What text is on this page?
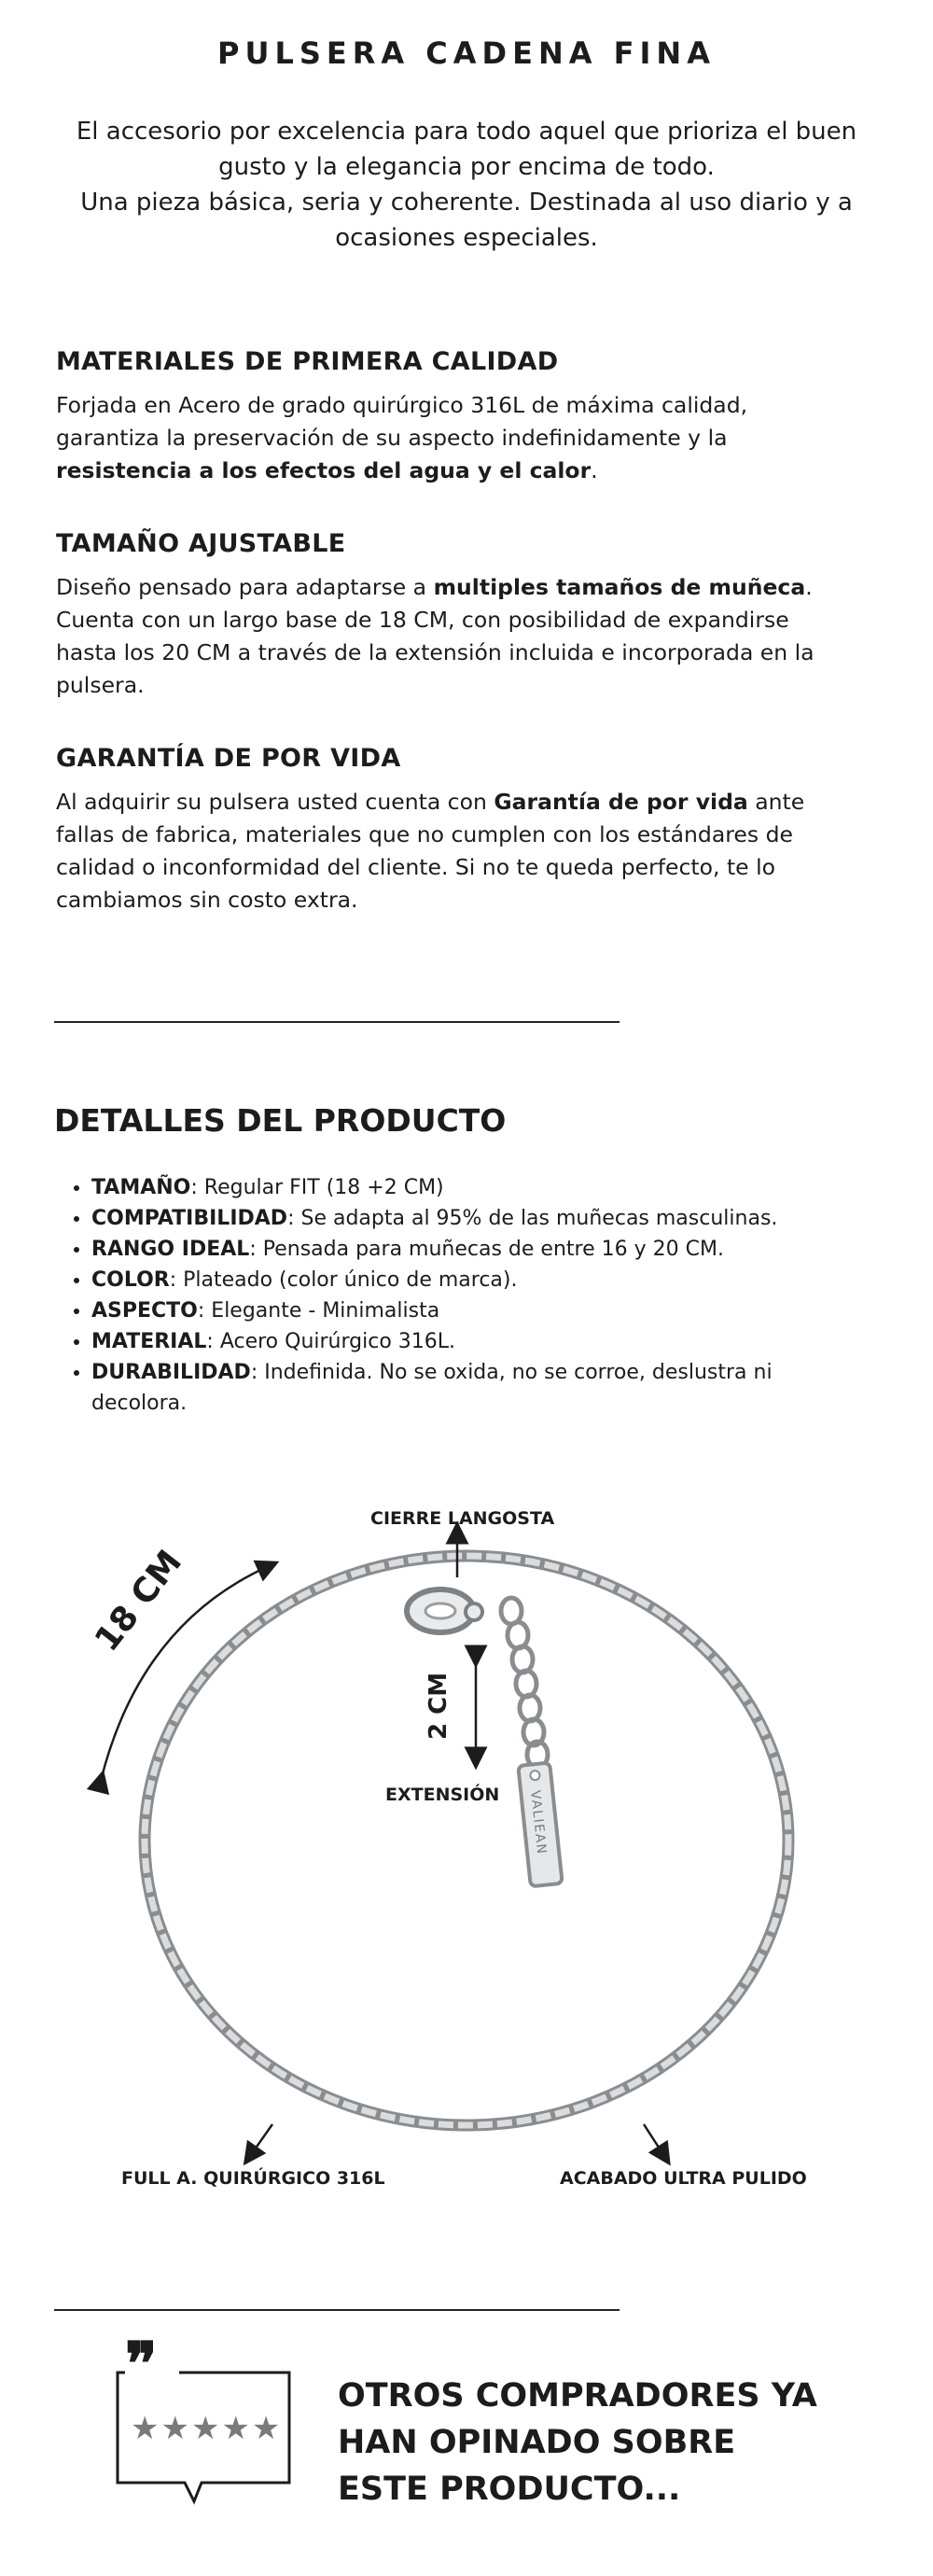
PULSERA CADENA FINA

El accesorio por excelencia para todo aquel que prioriza el buen gusto y la elegancia por encima de todo.

Una pieza básica, seria y coherente. Destinada al uso diario y a ocasiones especiales.

MATERIALES DE PRIMERA CALIDAD

Forjada en Acero de grado quirúrgico 316L de máxima calidad, garantiza la preservación de su aspecto indefinidamente y la resistencia a los efectos del agua y el calor.

TAMAÑO AJUSTABLE

Diseño pensado para adaptarse a multiples tamaños de muñeca. Cuenta con un largo base de 18 CM, con posibilidad de expandirse hasta los 20 CM a través de la extensión incluida e incorporada en la pulsera.

GARANTÍA DE POR VIDA

Al adquirir su pulsera usted cuenta con Garantía de por vida ante fallas de fabrica, materiales que no cumplen con los estándares de calidad o inconformidad del cliente. Si no te queda perfecto, te lo cambiamos sin costo extra.

DETALLES DEL PRODUCTO
• TAMAÑO: Regular FIT (18 +2 CM)
• COMPATIBILIDAD: Se adapta al 95% de las muñecas masculinas.
• RANGO IDEAL: Pensada para muñecas de entre 16 y 20 CM.
• COLOR: Plateado (color único de marca).
• ASPECTO: Elegante - Minimalista
• MATERIAL: Acero Quirúrgico 316L.
• DURABILIDAD: Indefinida. No se oxida, no se corroe, deslustra ni decolora.
VALIEAN
CIERRE LANGOSTA
18 CM
2 CM
EXTENSIÓN
FULL A. QUIRÚRGICO 316L	ACABADO ULTRA PULIDO
❞
★★★★★

OTROS COMPRADORES YA
HAN OPINADO SOBRE
ESTE PRODUCTO...
